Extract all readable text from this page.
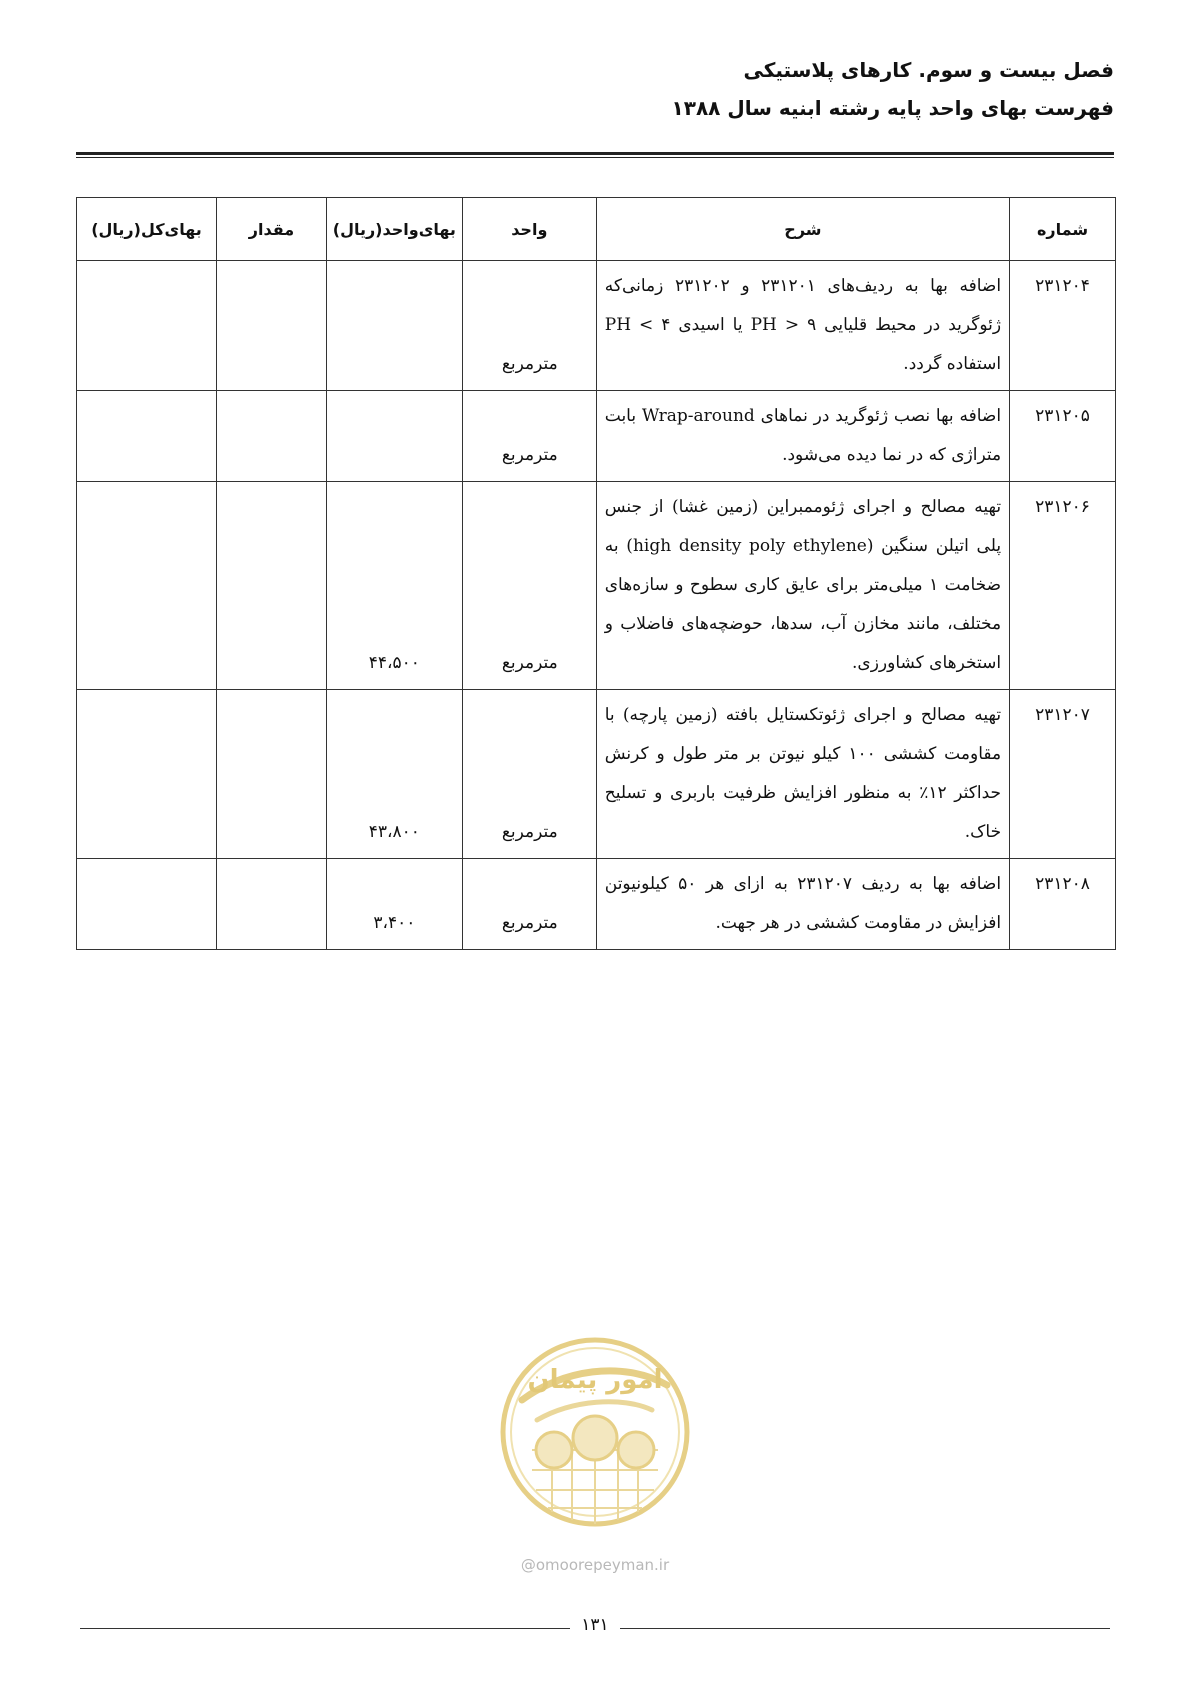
فصل بیست و سوم. کارهای پلاستیکی
فهرست بهای واحد پایه رشته ابنیه سال ۱۳۸۸
شماره	شرح	واحد	بهای‌واحد(ریال)	مقدار	بهای‌کل(ریال)
۲۳۱۲۰۴	اضافه بها به ردیف‌های ۲۳۱۲۰۱ و ۲۳۱۲۰۲ زمانی‌که ژئوگرید در محیط قلیایی ۹ < PH یا اسیدی ۴ > PH استفاده گردد.	مترمربع			
۲۳۱۲۰۵	اضافه بها نصب ژئوگرید در نماهای Wrap-around بابت متراژی که در نما دیده می‌شود.	مترمربع			
۲۳۱۲۰۶	تهیه مصالح و اجرای ژئوممبراین (زمین غشا) از جنس پلی اتیلن سنگین (high density poly ethylene) به ضخامت ۱ میلی‌متر برای عایق کاری سطوح و سازه‌های مختلف، مانند مخازن آب، سدها، حوضچه‌های فاضلاب و استخرهای کشاورزی.	مترمربع	۴۴،۵۰۰		
۲۳۱۲۰۷	تهیه مصالح و اجرای ژئوتکستایل بافته (زمین پارچه) با مقاومت کششی ۱۰۰ کیلو نیوتن بر متر طول و کرنش حداکثر ۱۲٪ به منظور افزایش ظرفیت باربری و تسلیح خاک.	مترمربع	۴۳،۸۰۰		
۲۳۱۲۰۸	اضافه بها به ردیف ۲۳۱۲۰۷ به ازای هر ۵۰ کیلونیوتن افزایش در مقاومت کششی در هر جهت.	مترمربع	۳،۴۰۰		
امور پیمان
@omoorepeyman.ir
۱۳۱
